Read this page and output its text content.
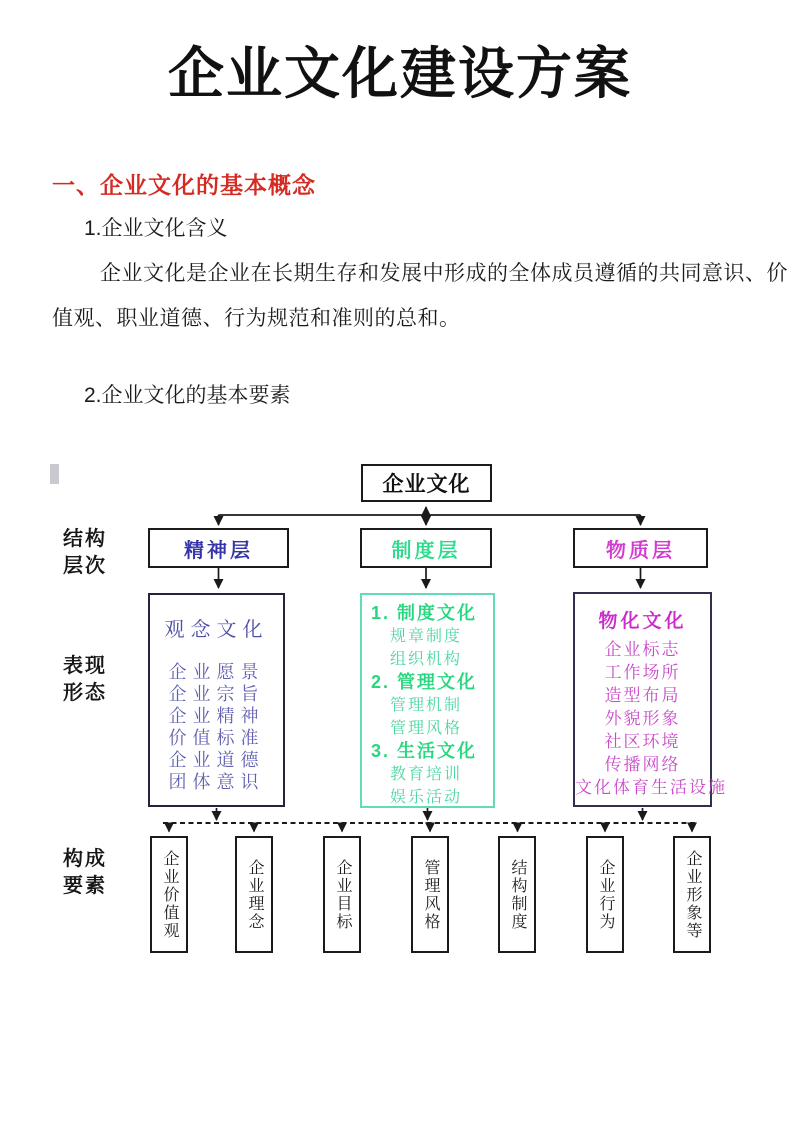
企业文化建设方案
一、企业文化的基本概念
1.企业文化含义
企业文化是企业在长期生存和发展中形成的全体成员遵循的共同意识、价
值观、职业道德、行为规范和准则的总和。
2.企业文化的基本要素
企业文化
结构
层次
表现
形态
构成
要素
精神层	制度层	物质层
观念文化
企业愿景
企业宗旨
企业精神
价值标准
企业道德
团体意识
1. 制度文化
规章制度
组织机构
2. 管理文化
管理机制
管理风格
3. 生活文化
教育培训
娱乐活动
物化文化
企业标志
工作场所
造型布局
外貌形象
社区环境
传播网络
文化体育生活设施
企业价值观	企业理念	企业目标	管理风格	结构制度	企业行为	企业形象等
